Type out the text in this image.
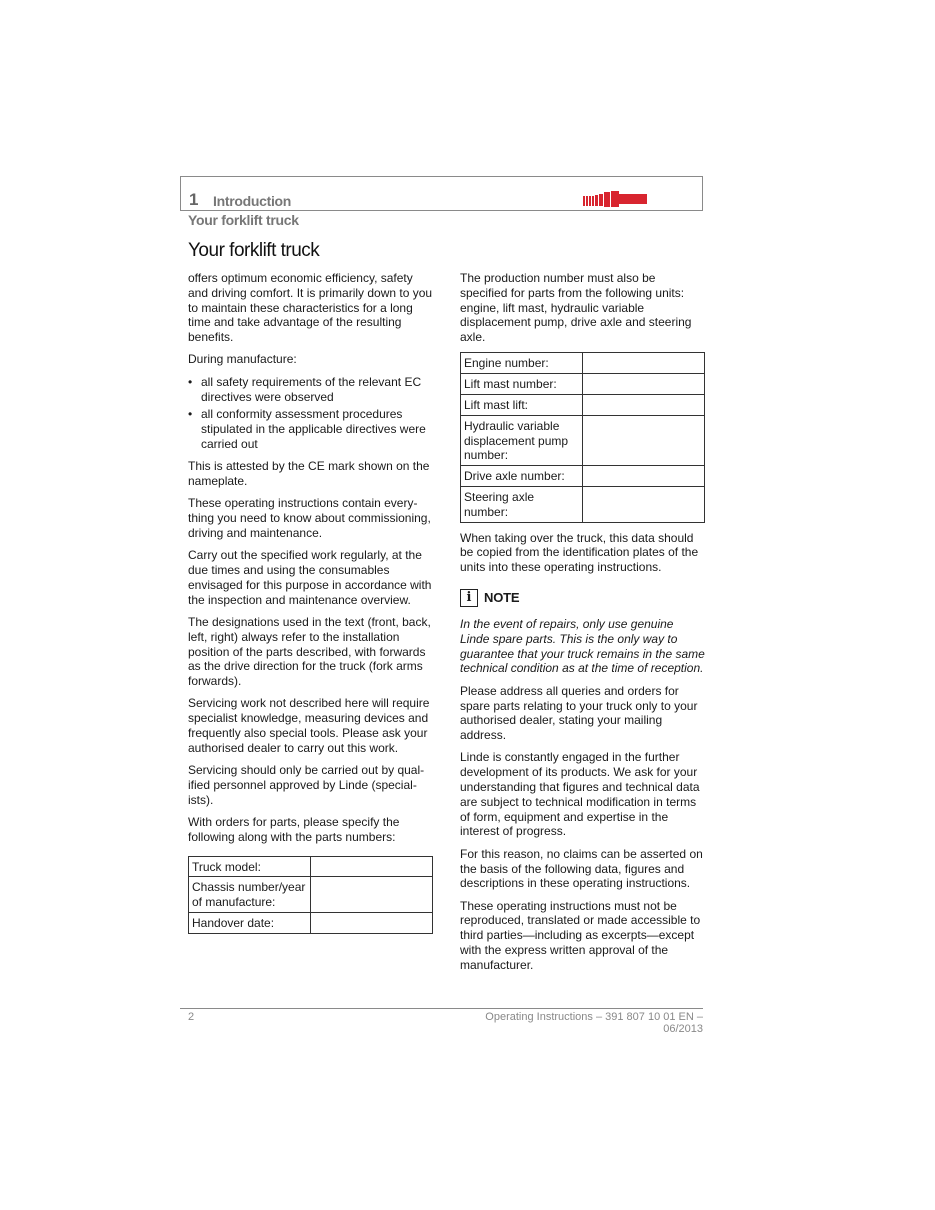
1 Introduction
Your forklift truck
Your forklift truck

offers optimum economic efficiency, safety and driving comfort. It is primarily down to you to maintain these characteristics for a long time and take advantage of the resulting benefits.

During manufacture:

• all safety requirements of the relevant EC directives were observed
• all conformity assessment procedures stipulated in the applicable directives were carried out

This is attested by the CE mark shown on the nameplate.

These operating instructions contain everything you need to know about commissioning, driving and maintenance.

Carry out the specified work regularly, at the due times and using the consumables envisaged for this purpose in accordance with the inspection and maintenance overview.

The designations used in the text (front, back, left, right) always refer to the installation position of the parts described, with forwards as the drive direction for the truck (fork arms forwards).

Servicing work not described here will require specialist knowledge, measuring devices and frequently also special tools. Please ask your authorised dealer to carry out this work.

Servicing should only be carried out by qualified personnel approved by Linde (specialists).

With orders for parts, please specify the following along with the parts numbers:

Truck model:	
Chassis number/year of manufacture:	
Handover date:	

The production number must also be specified for parts from the following units: engine, lift mast, hydraulic variable displacement pump, drive axle and steering axle.

Engine number:	
Lift mast number:	
Lift mast lift:	
Hydraulic variable displacement pump number:	
Drive axle number:	
Steering axle number:	

When taking over the truck, this data should be copied from the identification plates of the units into these operating instructions.

i NOTE

In the event of repairs, only use genuine Linde spare parts. This is the only way to guarantee that your truck remains in the same technical condition as at the time of reception.

Please address all queries and orders for spare parts relating to your truck only to your authorised dealer, stating your mailing address.

Linde is constantly engaged in the further development of its products. We ask for your understanding that figures and technical data are subject to technical modification in terms of form, equipment and expertise in the interest of progress.

For this reason, no claims can be asserted on the basis of the following data, figures and descriptions in these operating instructions.

These operating instructions must not be reproduced, translated or made accessible to third parties—including as excerpts—except with the express written approval of the manufacturer.

2	Operating Instructions – 391 807 10 01 EN – 06/2013
